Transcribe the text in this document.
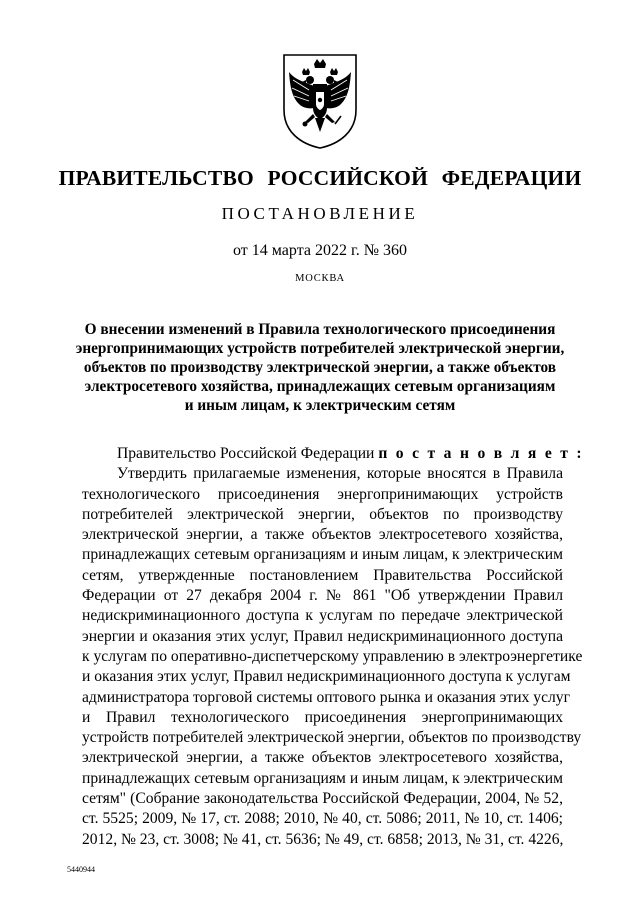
ПРАВИТЕЛЬСТВО РОССИЙСКОЙ ФЕДЕРАЦИИ
ПОСТАНОВЛЕНИЕ
от 14 марта 2022 г. № 360
МОСКВА
О внесении изменений в Правила технологического присоединения
энергопринимающих устройств потребителей электрической энергии,
объектов по производству электрической энергии, а также объектов
электросетевого хозяйства, принадлежащих сетевым организациям
и иным лицам, к электрическим сетям
Правительство Российской Федерации п о с т а н о в л я е т :
Утвердить прилагаемые изменения, которые вносятся в Правила
технологического присоединения энергопринимающих устройств
потребителей электрической энергии, объектов по производству
электрической энергии, а также объектов электросетевого хозяйства,
принадлежащих сетевым организациям и иным лицам, к электрическим
сетям, утвержденные постановлением Правительства Российской
Федерации от 27 декабря 2004 г. № 861 "Об утверждении Правил
недискриминационного доступа к услугам по передаче электрической
энергии и оказания этих услуг, Правил недискриминационного доступа
к услугам по оперативно-диспетчерскому управлению в электроэнергетике
и оказания этих услуг, Правил недискриминационного доступа к услугам
администратора торговой системы оптового рынка и оказания этих услуг
и Правил технологического присоединения энергопринимающих
устройств потребителей электрической энергии, объектов по производству
электрической энергии, а также объектов электросетевого хозяйства,
принадлежащих сетевым организациям и иным лицам, к электрическим
сетям" (Собрание законодательства Российской Федерации, 2004, № 52,
ст. 5525; 2009, № 17, ст. 2088; 2010, № 40, ст. 5086; 2011, № 10, ст. 1406;
2012, № 23, ст. 3008; № 41, ст. 5636; № 49, ст. 6858; 2013, № 31, ст. 4226,
5440944
